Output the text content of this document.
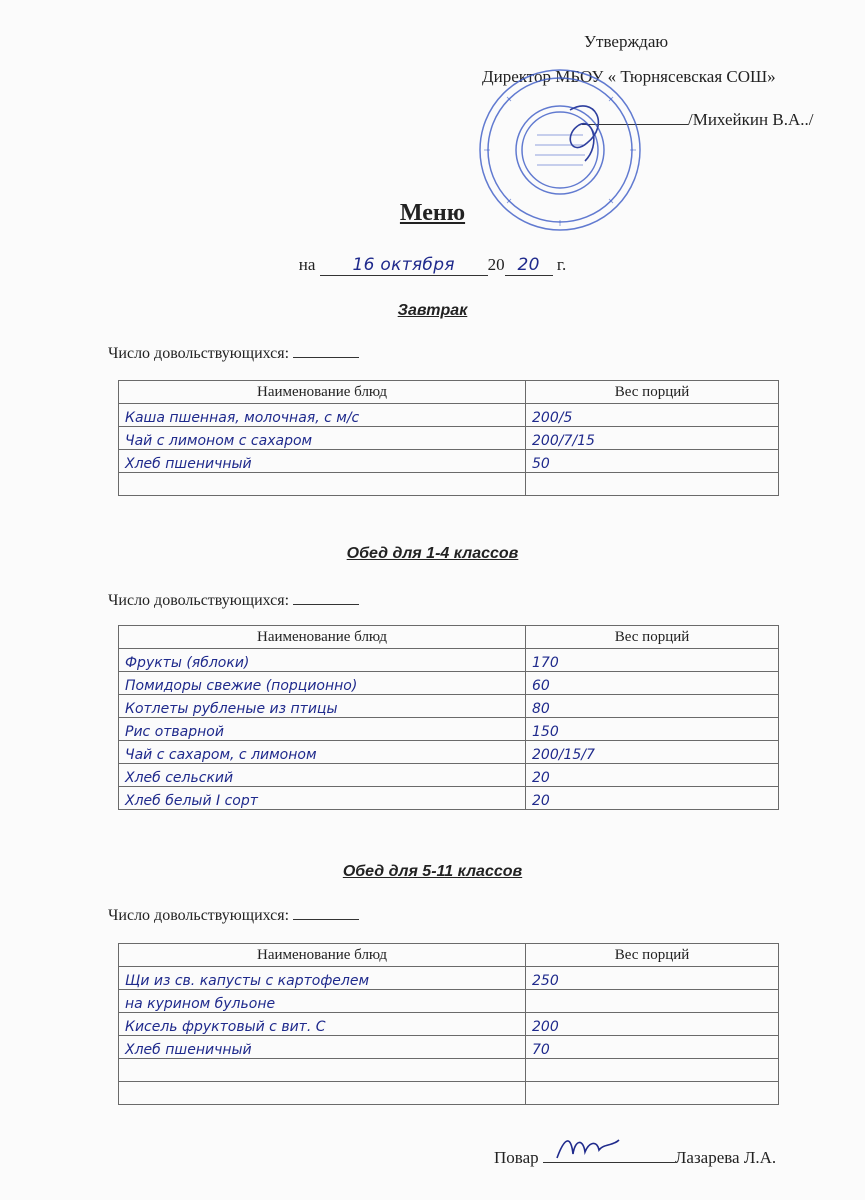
Утверждаю
Директор МБОУ « Тюрнясевская СОШ»
/Михейкин В.А../
Меню
на 16 октября 20 20 г.
Завтрак
Число довольствующихся:
Наименование блюд	Вес порций
Каша пшенная, молочная, с м/с	200/5
Чай с лимоном с сахаром	200/7/15
Хлеб пшеничный	50

Обед для 1-4 классов
Число довольствующихся:
Наименование блюд	Вес порций
Фрукты (яблоки)	170
Помидоры свежие (порционно)	60
Котлеты рубленые из птицы	80
Рис отварной	150
Чай с сахаром, с лимоном	200/15/7
Хлеб сельский	20
Хлеб белый I сорт	20
Обед для 5-11 классов
Число довольствующихся:
Наименование блюд	Вес порций
Щи из св. капусты с картофелем	250
на курином бульоне	
Кисель фруктовый с вит. С	200
Хлеб пшеничный	70

Повар	Лазарева Л.А.
